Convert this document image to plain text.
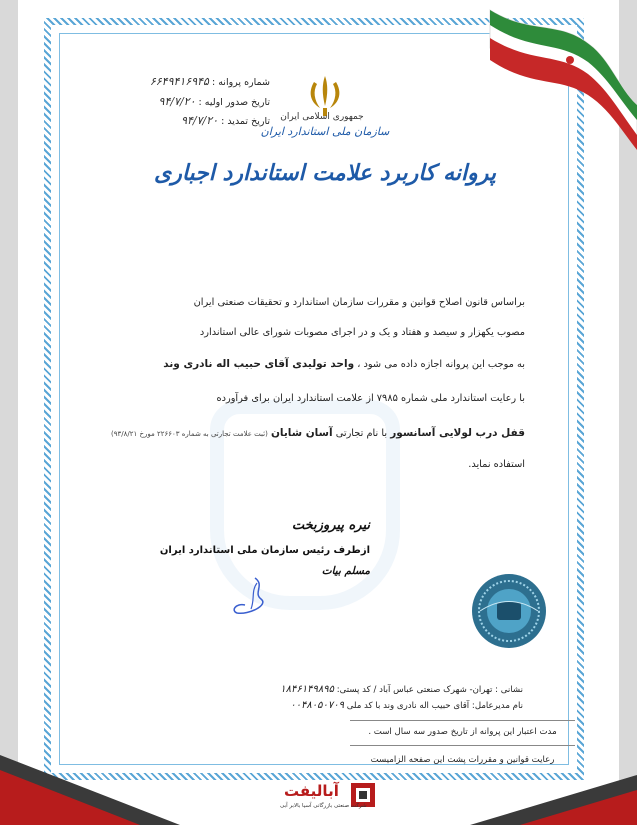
جمهوری اسلامی ایران
سازمان ملی استاندارد ایران
شماره پروانه : ۶۶۴۹۴۱۶۹۴۵
تاریخ صدور اولیه : ۹۴/۷/۲۰
تاریخ تمدید : ۹۴/۷/۲۰
پروانه کاربرد علامت استاندارد اجباری
براساس قانون اصلاح قوانین و مقررات سازمان استاندارد و تحقیقات صنعتی ایران
مصوب یکهزار و سیصد و هفتاد و یک و در اجرای مصوبات شورای عالی استاندارد
به موجب این پروانه اجازه داده می شود ، واحد تولیدی آقای حبیب اله نادری وند
با رعایت استاندارد ملی شماره ۷۹۸۵ از علامت استاندارد ایران برای فرآورده
قفل درب لولایی آسانسور با نام تجارتی آسان شایان (ثبت علامت تجارتی به شماره ۲۲۶۶۰۳ مورخ ۹۳/۸/۲۱)
استفاده نماید.
نیره پیروزبخت
ازطرف رئیس سازمان ملی استاندارد ایران
مسلم بیات
نشانی : تهران- شهرک صنعتی عباس آباد / کد پستی: ۱۸۴۶۱۴۹۸۹۵
نام مدیرعامل: آقای حبیب اله نادری وند با کد ملی ۰۰۴۸۰۵۰۷۰۹
مدت اعتبار این پروانه از تاریخ صدور سه سال است .
رعایت قوانین و مقررات پشت این صفحه الزامیست
آبالیفت
شرکت صنعتی بازرگانی آسیا بالابر آبی
